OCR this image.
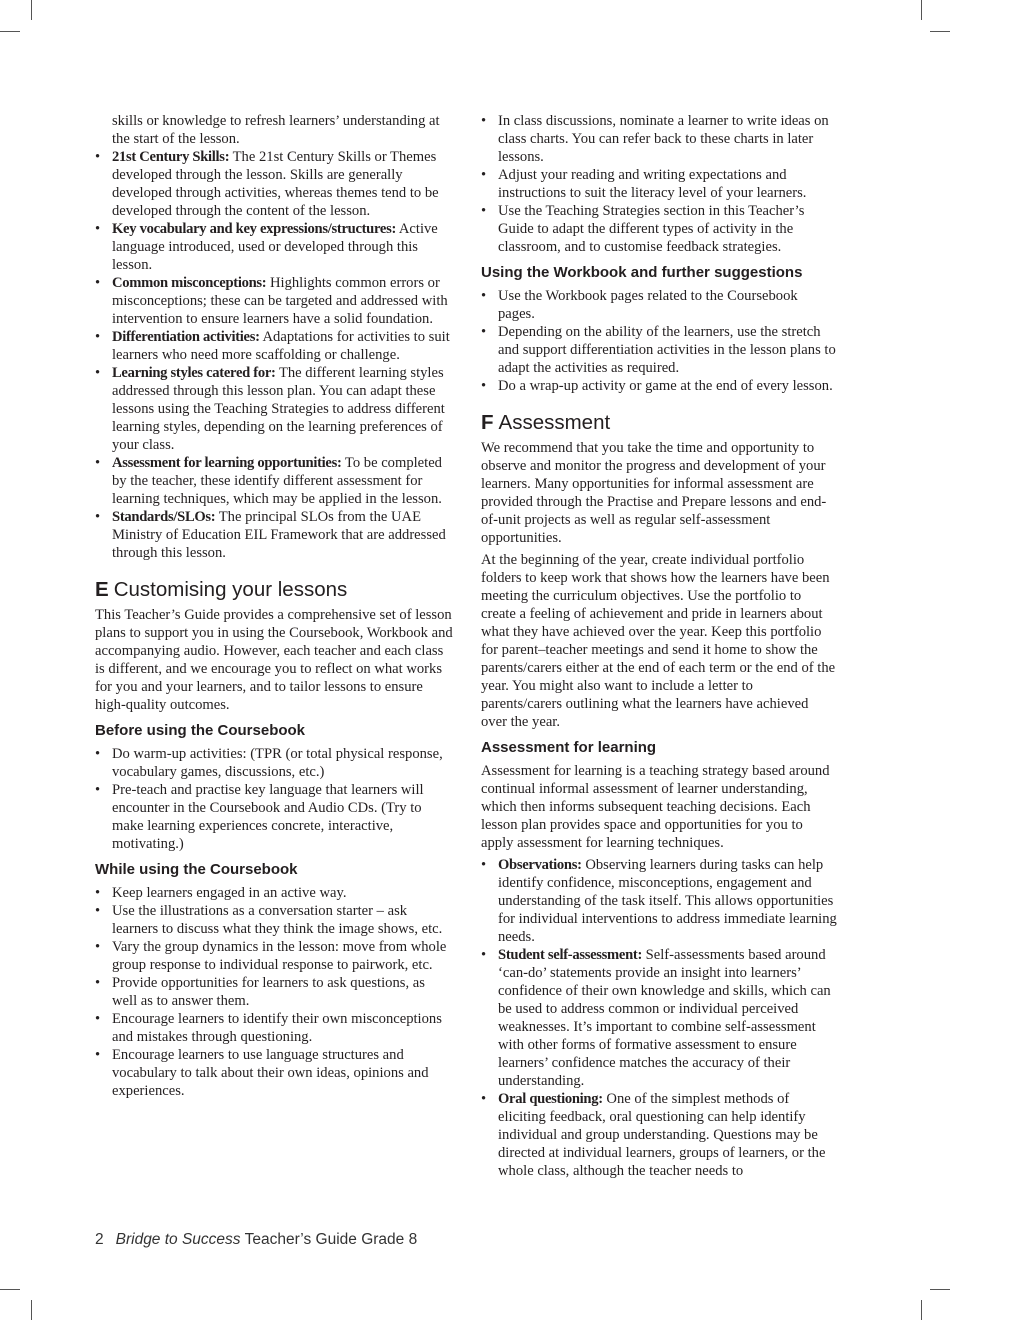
skills or knowledge to refresh learners’ understanding at the start of the lesson.
• 21st Century Skills: The 21st Century Skills or Themes developed through the lesson. Skills are generally developed through activities, whereas themes tend to be developed through the content of the lesson.
• Key vocabulary and key expressions/structures: Active language introduced, used or developed through this lesson.
• Common misconceptions: Highlights common errors or misconceptions; these can be targeted and addressed with intervention to ensure learners have a solid foundation.
• Differentiation activities: Adaptations for activities to suit learners who need more scaffolding or challenge.
• Learning styles catered for: The different learning styles addressed through this lesson plan. You can adapt these lessons using the Teaching Strategies to address different learning styles, depending on the learning preferences of your class.
• Assessment for learning opportunities: To be completed by the teacher, these identify different assessment for learning techniques, which may be applied in the lesson.
• Standards/SLOs: The principal SLOs from the UAE Ministry of Education EIL Framework that are addressed through this lesson.
E Customising your lessons
This Teacher’s Guide provides a comprehensive set of lesson plans to support you in using the Coursebook, Workbook and accompanying audio. However, each teacher and each class is different, and we encourage you to reflect on what works for you and your learners, and to tailor lessons to ensure high-quality outcomes.
Before using the Coursebook
• Do warm-up activities: (TPR (or total physical response, vocabulary games, discussions, etc.)
• Pre-teach and practise key language that learners will encounter in the Coursebook and Audio CDs. (Try to make learning experiences concrete, interactive, motivating.)
While using the Coursebook
• Keep learners engaged in an active way.
• Use the illustrations as a conversation starter – ask learners to discuss what they think the image shows, etc.
• Vary the group dynamics in the lesson: move from whole group response to individual response to pairwork, etc.
• Provide opportunities for learners to ask questions, as well as to answer them.
• Encourage learners to identify their own misconceptions and mistakes through questioning.
• Encourage learners to use language structures and vocabulary to talk about their own ideas, opinions and experiences.
• In class discussions, nominate a learner to write ideas on class charts. You can refer back to these charts in later lessons.
• Adjust your reading and writing expectations and instructions to suit the literacy level of your learners.
• Use the Teaching Strategies section in this Teacher’s Guide to adapt the different types of activity in the classroom, and to customise feedback strategies.
Using the Workbook and further suggestions
• Use the Workbook pages related to the Coursebook pages.
• Depending on the ability of the learners, use the stretch and support differentiation activities in the lesson plans to adapt the activities as required.
• Do a wrap-up activity or game at the end of every lesson.
F Assessment
We recommend that you take the time and opportunity to observe and monitor the progress and development of your learners. Many opportunities for informal assessment are provided through the Practise and Prepare lessons and end-of-unit projects as well as regular self-assessment opportunities.
At the beginning of the year, create individual portfolio folders to keep work that shows how the learners have been meeting the curriculum objectives. Use the portfolio to create a feeling of achievement and pride in learners about what they have achieved over the year. Keep this portfolio for parent–teacher meetings and send it home to show the parents/carers either at the end of each term or the end of the year. You might also want to include a letter to parents/carers outlining what the learners have achieved over the year.
Assessment for learning
Assessment for learning is a teaching strategy based around continual informal assessment of learner understanding, which then informs subsequent teaching decisions. Each lesson plan provides space and opportunities for you to apply assessment for learning techniques.
• Observations: Observing learners during tasks can help identify confidence, misconceptions, engagement and understanding of the task itself. This allows opportunities for individual interventions to address immediate learning needs.
• Student self-assessment: Self-assessments based around ‘can-do’ statements provide an insight into learners’ confidence of their own knowledge and skills, which can be used to address common or individual perceived weaknesses. It’s important to combine self-assessment with other forms of formative assessment to ensure learners’ confidence matches the accuracy of their understanding.
• Oral questioning: One of the simplest methods of eliciting feedback, oral questioning can help identify individual and group understanding. Questions may be directed at individual learners, groups of learners, or the whole class, although the teacher needs to
2 Bridge to Success Teacher’s Guide Grade 8
